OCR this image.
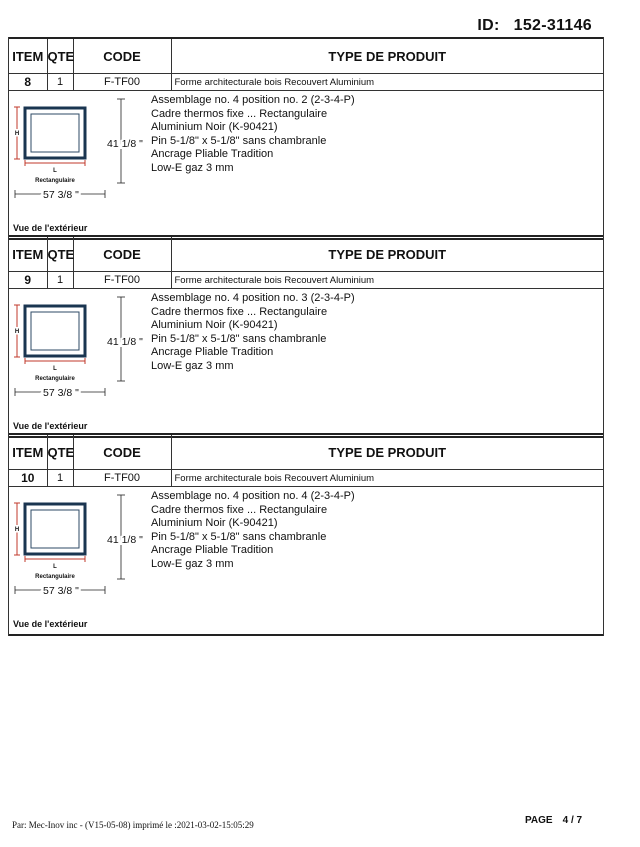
ID: 152-31146
ITEM	QTE	CODE	TYPE DE PRODUIT
8	1	F-TF00	Forme architecturale bois Recouvert Aluminium
H
L
Rectangulaire
41 1/8 "
57 3/8 "
Assemblage no. 4 position no. 2 (2-3-4-P)
Cadre thermos fixe ... Rectangulaire
Aluminium Noir (K-90421)
Pin 5-1/8" x 5-1/8" sans chambranle
Ancrage Pliable Tradition
Low-E gaz 3 mm
Vue de l'extérieur
ITEM	QTE	CODE	TYPE DE PRODUIT
9	1	F-TF00	Forme architecturale bois Recouvert Aluminium
H
L
Rectangulaire
41 1/8 "
57 3/8 "
Assemblage no. 4 position no. 3 (2-3-4-P)
Cadre thermos fixe ... Rectangulaire
Aluminium Noir (K-90421)
Pin 5-1/8" x 5-1/8" sans chambranle
Ancrage Pliable Tradition
Low-E gaz 3 mm
Vue de l'extérieur
ITEM	QTE	CODE	TYPE DE PRODUIT
10	1	F-TF00	Forme architecturale bois Recouvert Aluminium
H
L
Rectangulaire
41 1/8 "
57 3/8 "
Assemblage no. 4 position no. 4 (2-3-4-P)
Cadre thermos fixe ... Rectangulaire
Aluminium Noir (K-90421)
Pin 5-1/8" x 5-1/8" sans chambranle
Ancrage Pliable Tradition
Low-E gaz 3 mm
Vue de l'extérieur
Par: Mec-Inov inc - (V15-05-08) imprimé le :2021-03-02-15:05:29	PAGE 4 / 7
